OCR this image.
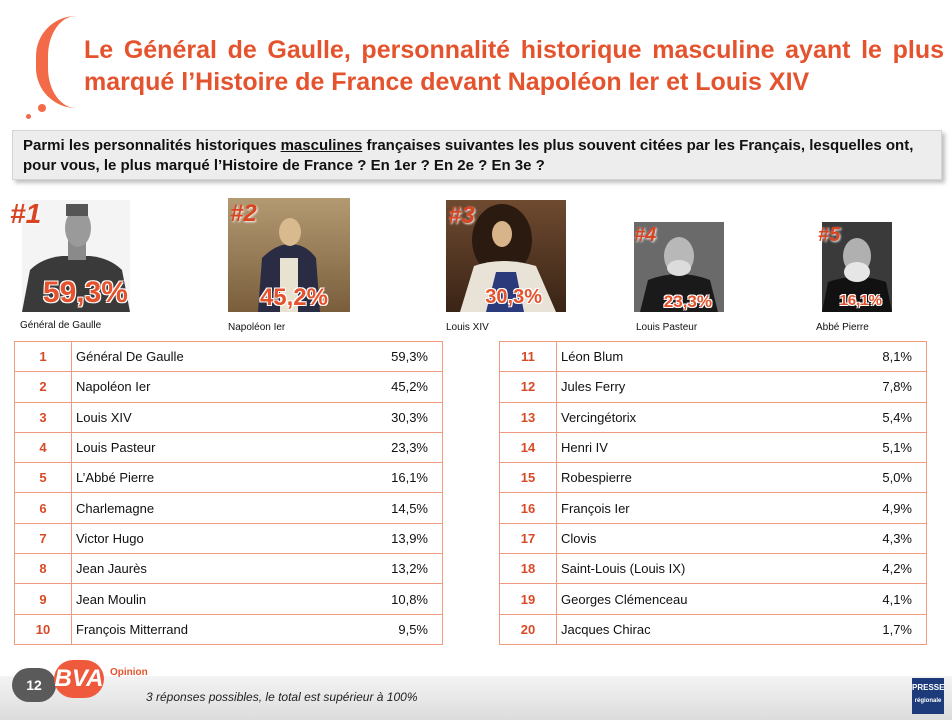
Le Général de Gaulle, personnalité historique masculine ayant le plus marqué l’Histoire de France devant Napoléon Ier et Louis XIV
Parmi les personnalités historiques masculines françaises suivantes les plus souvent citées par les Français, lesquelles ont, pour vous, le plus marqué l’Histoire de France ? En 1er ? En 2e ? En 3e ?
#1
59,3%
Général de Gaulle
#2
45,2%
Napoléon Ier
#3
30,3%
Louis XIV
#4
23,3%
Louis Pasteur
#5
16,1%
Abbé Pierre
1	Général De Gaulle	59,3%
2	Napoléon Ier	45,2%
3	Louis XIV	30,3%
4	Louis Pasteur	23,3%
5	L’Abbé Pierre	16,1%
6	Charlemagne	14,5%
7	Victor Hugo	13,9%
8	Jean Jaurès	13,2%
9	Jean Moulin	10,8%
10	François Mitterrand	9,5%
11	Léon Blum	8,1%
12	Jules Ferry	7,8%
13	Vercingétorix	5,4%
14	Henri IV	5,1%
15	Robespierre	5,0%
16	François Ier	4,9%
17	Clovis	4,3%
18	Saint-Louis (Louis IX)	4,2%
19	Georges Clémenceau	4,1%
20	Jacques Chirac	1,7%
12 BVA Opinion
3 réponses possibles, le total est supérieur à 100%
PRESSE
régionale
